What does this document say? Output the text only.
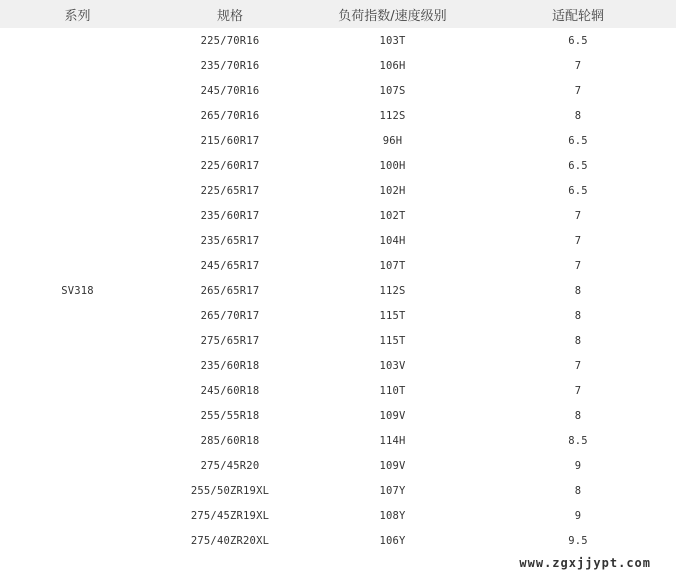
系列	规格	负荷指数/速度级别	适配轮辋
SV318	225/70R16	103T	6.5
	235/70R16	106H	7
	245/70R16	107S	7
	265/70R16	112S	8
	215/60R17	96H	6.5
	225/60R17	100H	6.5
	225/65R17	102H	6.5
	235/60R17	102T	7
	235/65R17	104H	7
	245/65R17	107T	7
	265/65R17	112S	8
	265/70R17	115T	8
	275/65R17	115T	8
	235/60R18	103V	7
	245/60R18	110T	7
	255/55R18	109V	8
	285/60R18	114H	8.5
	275/45R20	109V	9
	255/50ZR19XL	107Y	8
	275/45ZR19XL	108Y	9
	275/40ZR20XL	106Y	9.5
www.zgxjjypt.com
